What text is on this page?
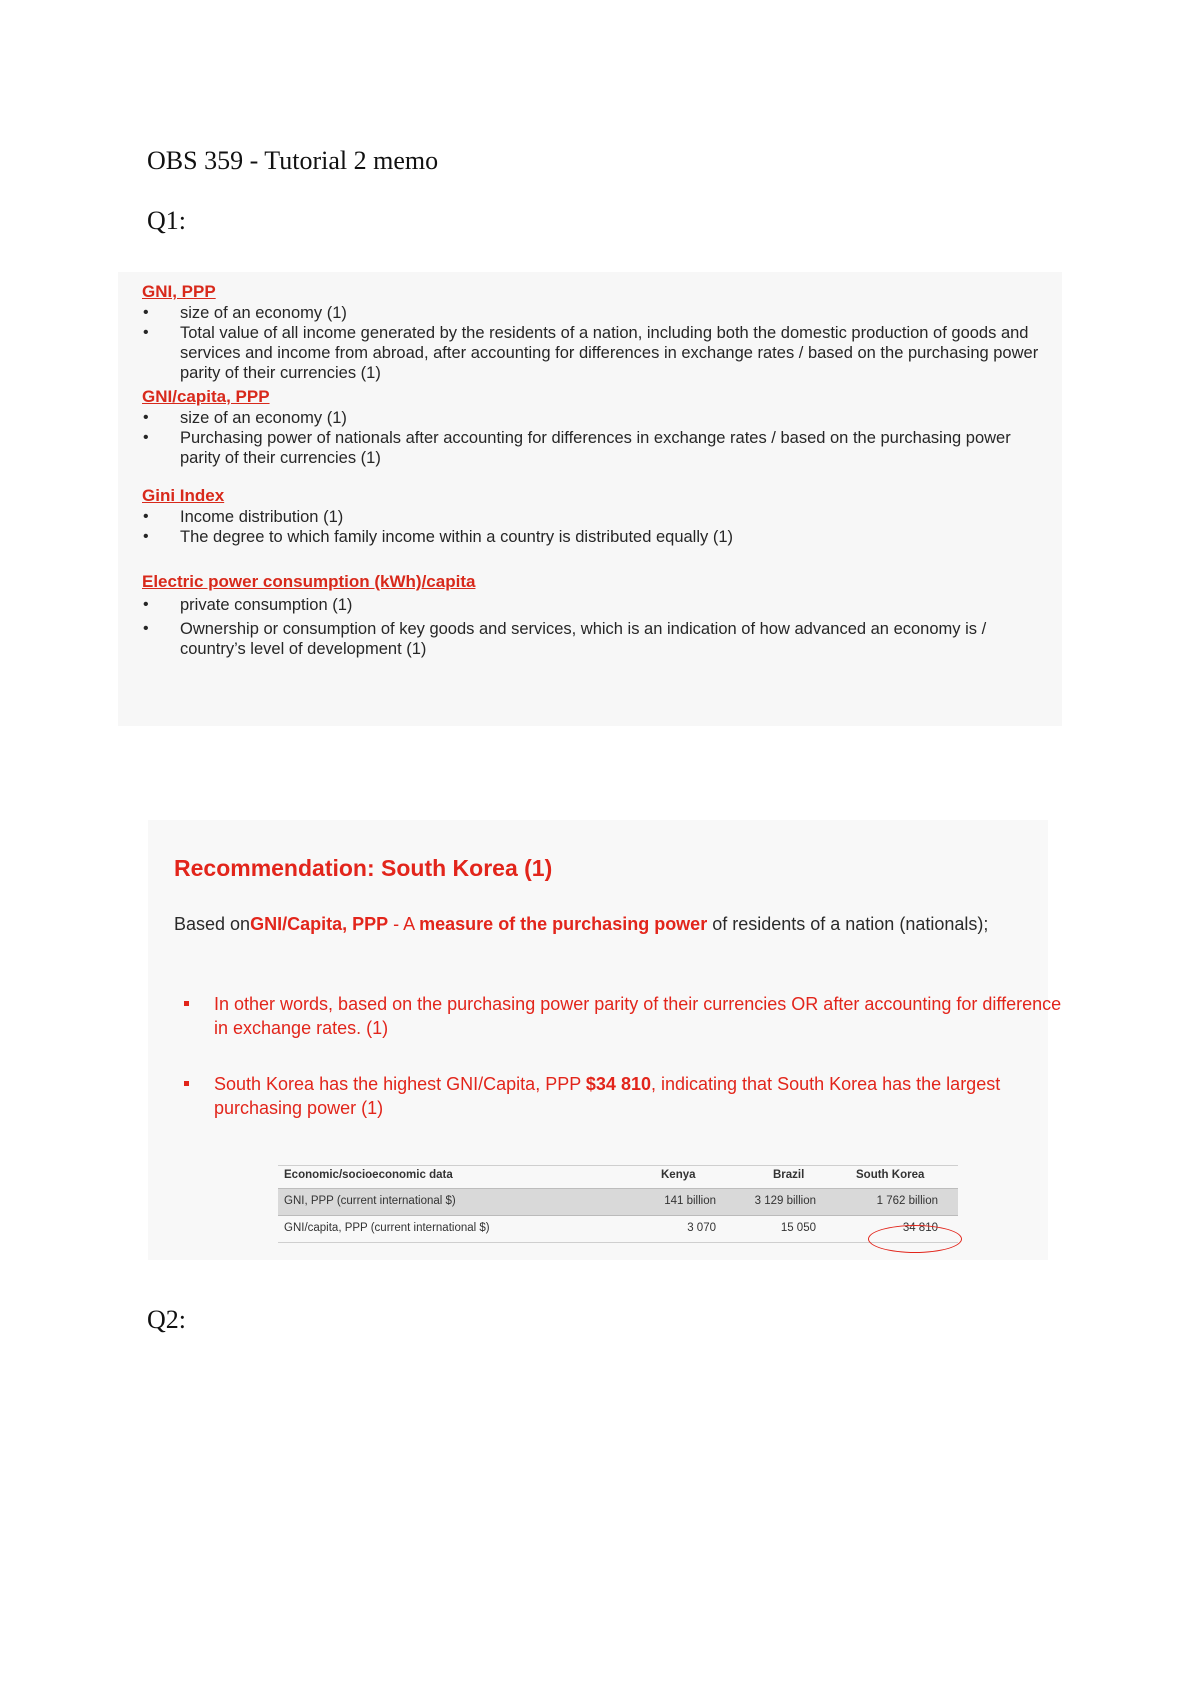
OBS 359 - Tutorial 2 memo
Q1:
GNI, PPP
• size of an economy (1)
• Total value of all income generated by the residents of a nation, including both the domestic production of goods and services and income from abroad, after accounting for differences in exchange rates / based on the purchasing power parity of their currencies (1)
GNI/capita, PPP
• size of an economy (1)
• Purchasing power of nationals after accounting for differences in exchange rates / based on the purchasing power parity of their currencies (1)
Gini Index
• Income distribution (1)
• The degree to which family income within a country is distributed equally (1)
Electric power consumption (kWh)/capita
• private consumption (1)
• Ownership or consumption of key goods and services, which is an indication of how advanced an economy is / country’s level of development (1)
Recommendation: South Korea (1)
Based onGNI/Capita, PPP - A measure of the purchasing power of residents of a nation (nationals);
In other words, based on the purchasing power parity of their currencies OR after accounting for difference in exchange rates. (1)
South Korea has the highest GNI/Capita, PPP $34 810, indicating that South Korea has the largest purchasing power (1)
Economic/socioeconomic data	Kenya	Brazil	South Korea
GNI, PPP (current international $)	141 billion	3 129 billion	1 762 billion
GNI/capita, PPP (current international $)	3 070	15 050	34 810
Q2:
